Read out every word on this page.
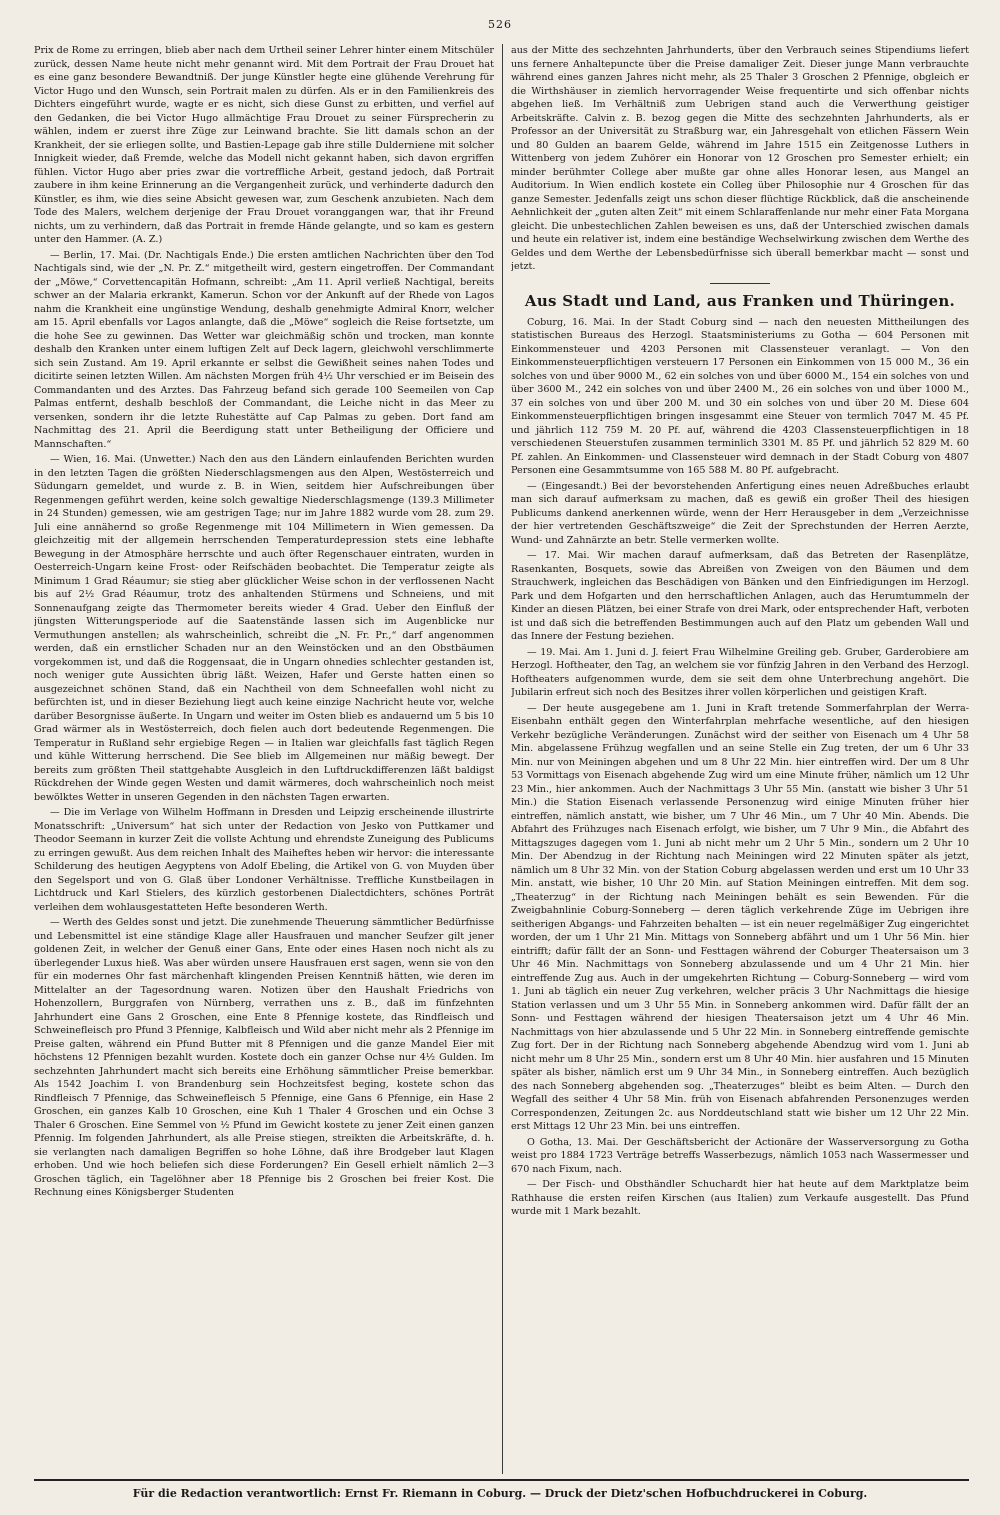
526

Prix de Rome zu erringen, blieb aber nach dem Urtheil seiner Lehrer hinter einem Mitschüler zurück, dessen Name heute nicht mehr genannt wird. Mit dem Portrait der Frau Drouet hat es eine ganz besondere Bewandtniß. Der junge Künstler hegte eine glühende Verehrung für Victor Hugo und den Wunsch, sein Portrait malen zu dürfen. Als er in den Familienkreis des Dichters eingeführt wurde, wagte er es nicht, sich diese Gunst zu erbitten, und verfiel auf den Gedanken, die bei Victor Hugo allmächtige Frau Drouet zu seiner Fürsprecherin zu wählen, indem er zuerst ihre Züge zur Leinwand brachte. Sie litt damals schon an der Krankheit, der sie erliegen sollte, und Bastien-Lepage gab ihre stille Dulderniene mit solcher Innigkeit wieder, daß Fremde, welche das Modell nicht gekannt haben, sich davon ergriffen fühlen. Victor Hugo aber pries zwar die vortreffliche Arbeit, gestand jedoch, daß Portrait zaubere in ihm keine Erinnerung an die Vergangenheit zurück, und verhinderte dadurch den Künstler, es ihm, wie dies seine Absicht gewesen war, zum Geschenk anzubieten. Nach dem Tode des Malers, welchem derjenige der Frau Drouet voranggangen war, that ihr Freund nichts, um zu verhindern, daß das Portrait in fremde Hände gelangte, und so kam es gestern unter den Hammer. (A. Z.)

— Berlin, 17. Mai. (Dr. Nachtigals Ende.) Die ersten amtlichen Nachrichten über den Tod Nachtigals sind, wie der „N. Pr. Z.“ mitgetheilt wird, gestern eingetroffen. Der Commandant der „Möwe,“ Corvettencapitän Hofmann, schreibt: „Am 11. April verließ Nachtigal, bereits schwer an der Malaria erkrankt, Kamerun. Schon vor der Ankunft auf der Rhede von Lagos nahm die Krankheit eine ungünstige Wendung, deshalb genehmigte Admiral Knorr, welcher am 15. April ebenfalls vor Lagos anlangte, daß die „Möwe“ sogleich die Reise fortsetzte, um die hohe See zu gewinnen. Das Wetter war gleichmäßig schön und trocken, man konnte deshalb den Kranken unter einem luftigen Zelt auf Deck lagern, gleichwohl verschlimmerte sich sein Zustand. Am 19. April erkannte er selbst die Gewißheit seines nahen Todes und dicitirte seinen letzten Willen. Am nächsten Morgen früh 4½ Uhr verschied er im Beisein des Commandanten und des Arztes. Das Fahrzeug befand sich gerade 100 Seemeilen von Cap Palmas entfernt, deshalb beschloß der Commandant, die Leiche nicht in das Meer zu versenken, sondern ihr die letzte Ruhestätte auf Cap Palmas zu geben. Dort fand am Nachmittag des 21. April die Beerdigung statt unter Betheiligung der Officiere und Mannschaften.“

— Wien, 16. Mai. (Unwetter.) Nach den aus den Ländern einlaufenden Berichten wurden in den letzten Tagen die größten Niederschlagsmengen aus den Alpen, Westösterreich und Südungarn gemeldet, und wurde z. B. in Wien, seitdem hier Aufschreibungen über Regenmengen geführt werden, keine solch gewaltige Niederschlagsmenge (139.3 Millimeter in 24 Stunden) gemessen, wie am gestrigen Tage; nur im Jahre 1882 wurde vom 28. zum 29. Juli eine annähernd so große Regenmenge mit 104 Millimetern in Wien gemessen. Da gleichzeitig mit der allgemein herrschenden Temperaturdepression stets eine lebhafte Bewegung in der Atmosphäre herrschte und auch öfter Regenschauer eintraten, wurden in Oesterreich-Ungarn keine Frost- oder Reifschäden beobachtet. Die Temperatur zeigte als Minimum 1 Grad Réaumur; sie stieg aber glücklicher Weise schon in der verflossenen Nacht bis auf 2½ Grad Réaumur, trotz des anhaltenden Stürmens und Schneiens, und mit Sonnenaufgang zeigte das Thermometer bereits wieder 4 Grad. Ueber den Einfluß der jüngsten Witterungsperiode auf die Saatenstände lassen sich im Augenblicke nur Vermuthungen anstellen; als wahrscheinlich, schreibt die „N. Fr. Pr.,“ darf angenommen werden, daß ein ernstlicher Schaden nur an den Weinstöcken und an den Obstbäumen vorgekommen ist, und daß die Roggensaat, die in Ungarn ohnedies schlechter gestanden ist, noch weniger gute Aussichten übrig läßt. Weizen, Hafer und Gerste hatten einen so ausgezeichnet schönen Stand, daß ein Nachtheil von dem Schneefallen wohl nicht zu befürchten ist, und in dieser Beziehung liegt auch keine einzige Nachricht heute vor, welche darüber Besorgnisse äußerte. In Ungarn und weiter im Osten blieb es andauernd um 5 bis 10 Grad wärmer als in Westösterreich, doch fielen auch dort bedeutende Regenmengen. Die Temperatur in Rußland sehr ergiebige Regen — in Italien war gleichfalls fast täglich Regen und kühle Witterung herrschend. Die See blieb im Allgemeinen nur mäßig bewegt. Der bereits zum größten Theil stattgehabte Ausgleich in den Luftdruckdifferenzen läßt baldigst Rückdrehen der Winde gegen Westen und damit wärmeres, doch wahrscheinlich noch meist bewölktes Wetter in unseren Gegenden in den nächsten Tagen erwarten.

— Die im Verlage von Wilhelm Hoffmann in Dresden und Leipzig erscheinende illustrirte Monatsschrift: „Universum“ hat sich unter der Redaction von Jesko von Puttkamer und Theodor Seemann in kurzer Zeit die vollste Achtung und ehrendste Zuneigung des Publicums zu erringen gewußt. Aus dem reichen Inhalt des Maiheftes heben wir hervor: die interessante Schilderung des heutigen Aegyptens von Adolf Ebeling, die Artikel von G. von Muyden über den Segelsport und von G. Glaß über Londoner Verhältnisse. Treffliche Kunstbeilagen in Lichtdruck und Karl Stielers, des kürzlich gestorbenen Dialectdichters, schönes Porträt verleihen dem wohlausgestatteten Hefte besonderen Werth.

— Werth des Geldes sonst und jetzt. Die zunehmende Theuerung sämmtlicher Bedürfnisse und Lebensmittel ist eine ständige Klage aller Hausfrauen und mancher Seufzer gilt jener goldenen Zeit, in welcher der Genuß einer Gans, Ente oder eines Hasen noch nicht als zu überlegender Luxus hieß. Was aber würden unsere Hausfrauen erst sagen, wenn sie von den für ein modernes Ohr fast märchenhaft klingenden Preisen Kenntniß hätten, wie deren im Mittelalter an der Tagesordnung waren. Notizen über den Haushalt Friedrichs von Hohenzollern, Burggrafen von Nürnberg, verrathen uns z. B., daß im fünfzehnten Jahrhundert eine Gans 2 Groschen, eine Ente 8 Pfennige kostete, das Rindfleisch und Schweinefleisch pro Pfund 3 Pfennige, Kalbfleisch und Wild aber nicht mehr als 2 Pfennige im Preise galten, während ein Pfund Butter mit 8 Pfennigen und die ganze Mandel Eier mit höchstens 12 Pfennigen bezahlt wurden. Kostete doch ein ganzer Ochse nur 4½ Gulden. Im sechzehnten Jahrhundert macht sich bereits eine Erhöhung sämmtlicher Preise bemerkbar. Als 1542 Joachim I. von Brandenburg sein Hochzeitsfest beging, kostete schon das Rindfleisch 7 Pfennige, das Schweinefleisch 5 Pfennige, eine Gans 6 Pfennige, ein Hase 2 Groschen, ein ganzes Kalb 10 Groschen, eine Kuh 1 Thaler 4 Groschen und ein Ochse 3 Thaler 6 Groschen. Eine Semmel von ½ Pfund im Gewicht kostete zu jener Zeit einen ganzen Pfennig. Im folgenden Jahrhundert, als alle Preise stiegen, streikten die Arbeitskräfte, d. h. sie verlangten nach damaligen Begriffen so hohe Löhne, daß ihre Brodgeber laut Klagen erhoben. Und wie hoch beliefen sich diese Forderungen? Ein Gesell erhielt nämlich 2—3 Groschen täglich, ein Tagelöhner aber 18 Pfennige bis 2 Groschen bei freier Kost. Die Rechnung eines Königsberger Studenten

aus der Mitte des sechzehnten Jahrhunderts, über den Verbrauch seines Stipendiums liefert uns fernere Anhaltepuncte über die Preise damaliger Zeit. Dieser junge Mann verbrauchte während eines ganzen Jahres nicht mehr, als 25 Thaler 3 Groschen 2 Pfennige, obgleich er die Wirthshäuser in ziemlich hervorragender Weise frequentirte und sich offenbar nichts abgehen ließ. Im Verhältniß zum Uebrigen stand auch die Verwerthung geistiger Arbeitskräfte. Calvin z. B. bezog gegen die Mitte des sechzehnten Jahrhunderts, als er Professor an der Universität zu Straßburg war, ein Jahresgehalt von etlichen Fässern Wein und 80 Gulden an baarem Gelde, während im Jahre 1515 ein Zeitgenosse Luthers in Wittenberg von jedem Zuhörer ein Honorar von 12 Groschen pro Semester erhielt; ein minder berühmter College aber mußte gar ohne alles Honorar lesen, aus Mangel an Auditorium. In Wien endlich kostete ein Colleg über Philosophie nur 4 Groschen für das ganze Semester. Jedenfalls zeigt uns schon dieser flüchtige Rückblick, daß die anscheinende Aehnlichkeit der „guten alten Zeit“ mit einem Schlaraffenlande nur mehr einer Fata Morgana gleicht. Die unbestechlichen Zahlen beweisen es uns, daß der Unterschied zwischen damals und heute ein relativer ist, indem eine beständige Wechselwirkung zwischen dem Werthe des Geldes und dem Werthe der Lebensbedürfnisse sich überall bemerkbar macht — sonst und jetzt.

Aus Stadt und Land, aus Franken und Thüringen.

Coburg, 16. Mai. In der Stadt Coburg sind — nach den neuesten Mittheilungen des statistischen Bureaus des Herzogl. Staatsministeriums zu Gotha — 604 Personen mit Einkommensteuer und 4203 Personen mit Classensteuer veranlagt. — Von den Einkommensteuerpflichtigen versteuern 17 Personen ein Einkommen von 15 000 M., 36 ein solches von und über 9000 M., 62 ein solches von und über 6000 M., 154 ein solches von und über 3600 M., 242 ein solches von und über 2400 M., 26 ein solches von und über 1000 M., 37 ein solches von und über 200 M. und 30 ein solches von und über 20 M. Diese 604 Einkommensteuerpflichtigen bringen insgesammt eine Steuer von termlich 7047 M. 45 Pf. und jährlich 112 759 M. 20 Pf. auf, während die 4203 Classensteuerpflichtigen in 18 verschiedenen Steuerstufen zusammen terminlich 3301 M. 85 Pf. und jährlich 52 829 M. 60 Pf. zahlen. An Einkommen- und Classensteuer wird demnach in der Stadt Coburg von 4807 Personen eine Gesammtsumme von 165 588 M. 80 Pf. aufgebracht.

— (Eingesandt.) Bei der bevorstehenden Anfertigung eines neuen Adreßbuches erlaubt man sich darauf aufmerksam zu machen, daß es gewiß ein großer Theil des hiesigen Publicums dankend anerkennen würde, wenn der Herr Herausgeber in dem „Verzeichnisse der hier vertretenden Geschäftszweige“ die Zeit der Sprechstunden der Herren Aerzte, Wund- und Zahnärzte an betr. Stelle vermerken wollte.

— 17. Mai. Wir machen darauf aufmerksam, daß das Betreten der Rasenplätze, Rasenkanten, Bosquets, sowie das Abreißen von Zweigen von den Bäumen und dem Strauchwerk, ingleichen das Beschädigen von Bänken und den Einfriedigungen im Herzogl. Park und dem Hofgarten und den herrschaftlichen Anlagen, auch das Herumtummeln der Kinder an diesen Plätzen, bei einer Strafe von drei Mark, oder entsprechender Haft, verboten ist und daß sich die betreffenden Bestimmungen auch auf den Platz um gebenden Wall und das Innere der Festung beziehen.

— 19. Mai. Am 1. Juni d. J. feiert Frau Wilhelmine Greiling geb. Gruber, Garderobiere am Herzogl. Hoftheater, den Tag, an welchem sie vor fünfzig Jahren in den Verband des Herzogl. Hoftheaters aufgenommen wurde, dem sie seit dem ohne Unterbrechung angehört. Die Jubilarin erfreut sich noch des Besitzes ihrer vollen körperlichen und geistigen Kraft.

— Der heute ausgegebene am 1. Juni in Kraft tretende Sommerfahrplan der Werra-Eisenbahn enthält gegen den Winterfahrplan mehrfache wesentliche, auf den hiesigen Verkehr bezügliche Veränderungen. Zunächst wird der seither von Eisenach um 4 Uhr 58 Min. abgelassene Frühzug wegfallen und an seine Stelle ein Zug treten, der um 6 Uhr 33 Min. nur von Meiningen abgehen und um 8 Uhr 22 Min. hier eintreffen wird. Der um 8 Uhr 53 Vormittags von Eisenach abgehende Zug wird um eine Minute früher, nämlich um 12 Uhr 23 Min., hier ankommen. Auch der Nachmittags 3 Uhr 55 Min. (anstatt wie bisher 3 Uhr 51 Min.) die Station Eisenach verlassende Personenzug wird einige Minuten früher hier eintreffen, nämlich anstatt, wie bisher, um 7 Uhr 46 Min., um 7 Uhr 40 Min. Abends. Die Abfahrt des Frühzuges nach Eisenach erfolgt, wie bisher, um 7 Uhr 9 Min., die Abfahrt des Mittagszuges dagegen vom 1. Juni ab nicht mehr um 2 Uhr 5 Min., sondern um 2 Uhr 10 Min. Der Abendzug in der Richtung nach Meiningen wird 22 Minuten später als jetzt, nämlich um 8 Uhr 32 Min. von der Station Coburg abgelassen werden und erst um 10 Uhr 33 Min. anstatt, wie bisher, 10 Uhr 20 Min. auf Station Meiningen eintreffen. Mit dem sog. „Theaterzug“ in der Richtung nach Meiningen behält es sein Bewenden. Für die Zweigbahnlinie Coburg-Sonneberg — deren täglich verkehrende Züge im Uebrigen ihre seitherigen Abgangs- und Fahrzeiten behalten — ist ein neuer regelmäßiger Zug eingerichtet worden, der um 1 Uhr 21 Min. Mittags von Sonneberg abfährt und um 1 Uhr 56 Min. hier eintrifft; dafür fällt der an Sonn- und Festtagen während der Coburger Theatersaison um 3 Uhr 46 Min. Nachmittags von Sonneberg abzulassende und um 4 Uhr 21 Min. hier eintreffende Zug aus. Auch in der umgekehrten Richtung — Coburg-Sonneberg — wird vom 1. Juni ab täglich ein neuer Zug verkehren, welcher präcis 3 Uhr Nachmittags die hiesige Station verlassen und um 3 Uhr 55 Min. in Sonneberg ankommen wird. Dafür fällt der an Sonn- und Festtagen während der hiesigen Theatersaison jetzt um 4 Uhr 46 Min. Nachmittags von hier abzulassende und 5 Uhr 22 Min. in Sonneberg eintreffende gemischte Zug fort. Der in der Richtung nach Sonneberg abgehende Abendzug wird vom 1. Juni ab nicht mehr um 8 Uhr 25 Min., sondern erst um 8 Uhr 40 Min. hier ausfahren und 15 Minuten später als bisher, nämlich erst um 9 Uhr 34 Min., in Sonneberg eintreffen. Auch bezüglich des nach Sonneberg abgehenden sog. „Theaterzuges“ bleibt es beim Alten. — Durch den Wegfall des seither 4 Uhr 58 Min. früh von Eisenach abfahrenden Personenzuges werden Correspondenzen, Zeitungen 2c. aus Norddeutschland statt wie bisher um 12 Uhr 22 Min. erst Mittags 12 Uhr 23 Min. bei uns eintreffen.

O Gotha, 13. Mai. Der Geschäftsbericht der Actionäre der Wasserversorgung zu Gotha weist pro 1884 1723 Verträge betreffs Wasserbezugs, nämlich 1053 nach Wassermesser und 670 nach Fixum, nach.

— Der Fisch- und Obsthändler Schuchardt hier hat heute auf dem Marktplatze beim Rathhause die ersten reifen Kirschen (aus Italien) zum Verkaufe ausgestellt. Das Pfund wurde mit 1 Mark bezahlt.

Für die Redaction verantwortlich: Ernst Fr. Riemann in Coburg. — Druck der Dietz'schen Hofbuchdruckerei in Coburg.
